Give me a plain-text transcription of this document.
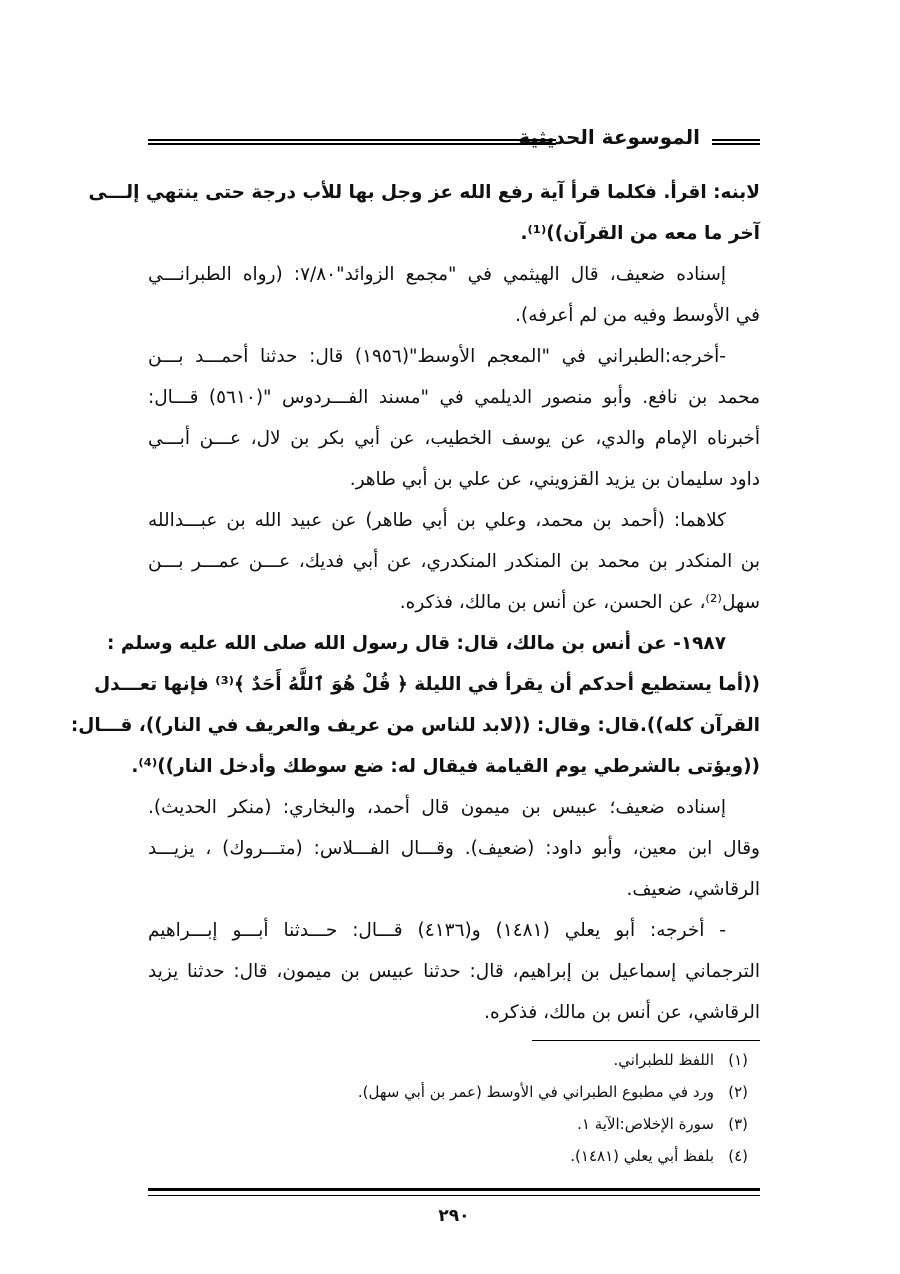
الموسوعة الحديثية
لابنه: اقرأ. فكلما قرأ آية رفع الله عز وجل بها للأب درجة حتى ينتهي إلـــى
آخر ما معه من القرآن))⁽¹⁾.
إسناده ضعيف، قال الهيثمي في "مجمع الزوائد"٧/٨٠: (رواه الطبرانـــي
في الأوسط وفيه من لم أعرفه).
-أخرجه:الطبراني في "المعجم الأوسط"(١٩٥٦) قال: حدثنا أحمـــد بـــن
محمد بن نافع. وأبو منصور الديلمي في "مسند الفـــردوس "(٥٦١٠) قـــال:
أخبرناه الإمام والدي، عن يوسف الخطيب، عن أبي بكر بن لال، عـــن أبـــي
داود سليمان بن يزيد القزويني، عن علي بن أبي طاهر.
كلاهما: (أحمد بن محمد، وعلي بن أبي طاهر) عن عبيد الله بن عبـــدالله
بن المنكدر بن محمد بن المنكدر المنكدري، عن أبي فديك، عـــن عمـــر بـــن
سهل⁽²⁾، عن الحسن، عن أنس بن مالك، فذكره.
١٩٨٧- عن أنس بن مالك، قال: قال رسول الله صلى الله عليه وسلم :
((أما يستطيع أحدكم أن يقرأ في الليلة ﴿ قُلْ هُوَ ٱللَّهُ أَحَدٌ ﴾⁽³⁾ فإنها تعـــدل
القرآن كله)).قال: وقال: ((لابد للناس من عريف والعريف في النار))، قـــال:
((ويؤتى بالشرطي يوم القيامة فيقال له: ضع سوطك وأدخل النار))⁽⁴⁾.
إسناده ضعيف؛ عبيس بن ميمون قال أحمد، والبخاري: (منكر الحديث).
وقال ابن معين، وأبو داود: (ضعيف). وقـــال الفـــلاس: (متـــروك) ، يزيـــد
الرقاشي، ضعيف.
- أخرجه: أبو يعلي (١٤٨١) و(٤١٣٦) قـــال: حـــدثنا أبـــو إبـــراهيم
الترجماني إسماعيل بن إبراهيم، قال: حدثنا عبيس بن ميمون، قال: حدثنا يزيد
الرقاشي، عن أنس بن مالك، فذكره.
(١)اللفظ للطبراني.
(٢)ورد في مطبوع الطبراني في الأوسط (عمر بن أبي سهل).
(٣)سورة الإخلاص:الآية ١.
(٤)بلفظ أبي يعلي (١٤٨١).
٢٩٠
